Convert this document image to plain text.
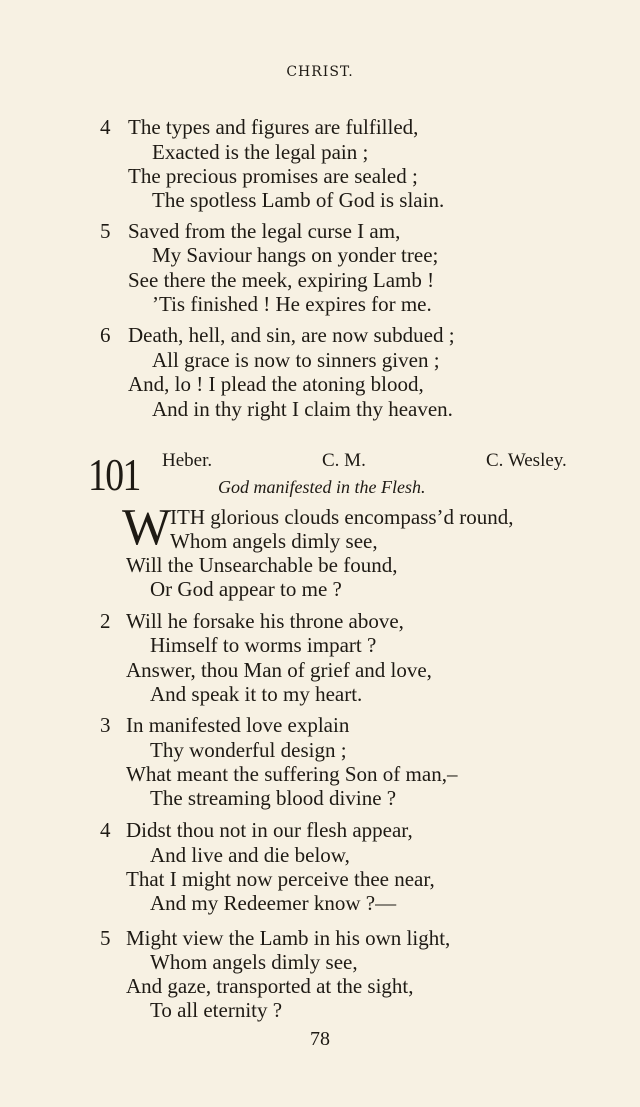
CHRIST.
4 The types and figures are fulfilled,
Exacted is the legal pain ;
The precious promises are sealed ;
The spotless Lamb of God is slain.
5 Saved from the legal curse I am,
My Saviour hangs on yonder tree;
See there the meek, expiring Lamb !
’Tis finished ! He expires for me.
6 Death, hell, and sin, are now subdued ;
All grace is now to sinners given ;
And, lo ! I plead the atoning blood,
And in thy right I claim thy heaven.
101 Heber.	C. M.	C. Wesley.
God manifested in the Flesh.
W
ITH glorious clouds encompass’d round,
Whom angels dimly see,
Will the Unsearchable be found,
Or God appear to me ?
2 Will he forsake his throne above,
Himself to worms impart ?
Answer, thou Man of grief and love,
And speak it to my heart.
3 In manifested love explain
Thy wonderful design ;
What meant the suffering Son of man,–
The streaming blood divine ?
4 Didst thou not in our flesh appear,
And live and die below,
That I might now perceive thee near,
And my Redeemer know ?—
5 Might view the Lamb in his own light,
Whom angels dimly see,
And gaze, transported at the sight,
To all eternity ?
78
